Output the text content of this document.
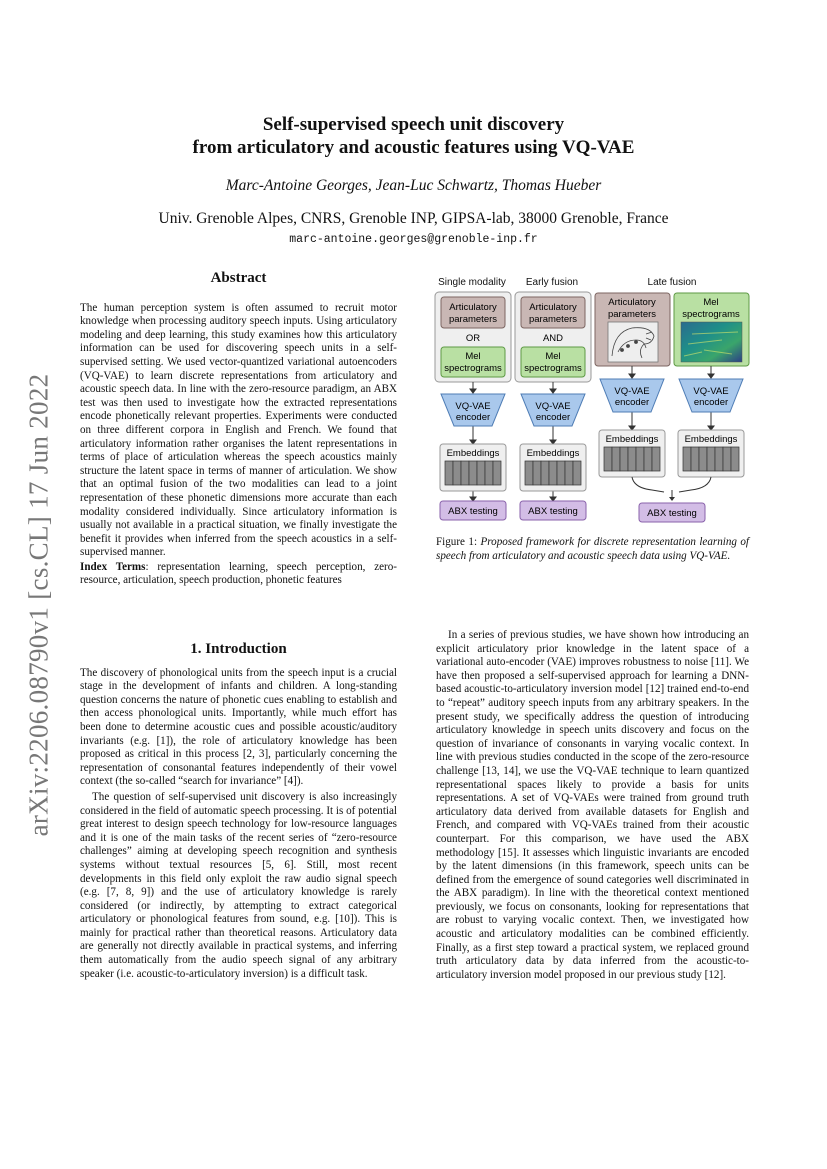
arXiv:2206.08790v1 [cs.CL] 17 Jun 2022
Self-supervised speech unit discovery
from articulatory and acoustic features using VQ-VAE
Marc-Antoine Georges, Jean-Luc Schwartz, Thomas Hueber
Univ. Grenoble Alpes, CNRS, Grenoble INP, GIPSA-lab, 38000 Grenoble, France
marc-antoine.georges@grenoble-inp.fr
Abstract

The human perception system is often assumed to recruit motor knowledge when processing auditory speech inputs. Using articulatory modeling and deep learning, this study examines how this articulatory information can be used for discovering speech units in a self-supervised setting. We used vector-quantized variational autoencoders (VQ-VAE) to learn discrete representations from articulatory and acoustic speech data. In line with the zero-resource paradigm, an ABX test was then used to investigate how the extracted representations encode phonetically relevant properties. Experiments were conducted on three different corpora in English and French. We found that articulatory information rather organises the latent representations in terms of place of articulation whereas the speech acoustics mainly structure the latent space in terms of manner of articulation. We show that an optimal fusion of the two modalities can lead to a joint representation of these phonetic dimensions more accurate than each modality considered individually. Since articulatory information is usually not available in a practical situation, we finally investigate the benefit it provides when inferred from the speech acoustics in a self-supervised manner.

Index Terms: representation learning, speech perception, zero-resource, articulation, speech production, phonetic features

1. Introduction

The discovery of phonological units from the speech input is a crucial stage in the development of infants and children. A long-standing question concerns the nature of phonetic cues enabling to establish and then access phonological units. Importantly, while much effort has been done to determine acoustic cues and possible acoustic/auditory invariants (e.g. [1]), the role of articulatory knowledge has been proposed as critical in this process [2, 3], particularly concerning the representation of consonantal features independently of their vowel context (the so-called “search for invariance” [4]).

The question of self-supervised unit discovery is also increasingly considered in the field of automatic speech processing. It is of potential great interest to design speech technology for low-resource languages and it is one of the main tasks of the recent series of “zero-resource challenges” aiming at developing speech recognition and synthesis systems without textual resources [5, 6]. Still, most recent developments in this field only exploit the raw audio signal speech (e.g. [7, 8, 9]) and the use of articulatory knowledge is rarely considered (or indirectly, by attempting to extract categorical articulatory or phonological features from sound, e.g. [10]). This is mainly for practical rather than theoretical reasons. Articulatory data are generally not directly available in practical systems, and inferring them automatically from the audio speech signal of any arbitrary speaker (i.e. acoustic-to-articulatory inversion) is a difficult task.

Single modality Early fusion	Late fusion
Articulatory
parameters
OR
Mel
spectrograms
Articulatory
parameters
AND
Mel
spectrograms
Articulatory
parameters
Mel
spectrograms
VQ-VAE
encoder
VQ-VAE
encoder
VQ-VAE
encoder
VQ-VAE
encoder
Embeddings	Embeddings
Embeddings	Embeddings
ABX testing	ABX testing	ABX testing
Figure 1: Proposed framework for discrete representation learning of speech from articulatory and acoustic speech data using VQ-VAE.

In a series of previous studies, we have shown how introducing an explicit articulatory prior knowledge in the latent space of a variational auto-encoder (VAE) improves robustness to noise [11]. We have then proposed a self-supervised approach for learning a DNN-based acoustic-to-articulatory inversion model [12] trained end-to-end to “repeat” auditory speech inputs from any arbitrary speakers. In the present study, we specifically address the question of introducing articulatory knowledge in speech units discovery and focus on the question of invariance of consonants in varying vocalic context. In line with previous studies conducted in the scope of the zero-resource challenge [13, 14], we use the VQ-VAE technique to learn quantized representational spaces likely to provide a basis for units representations. A set of VQ-VAEs were trained from ground truth articulatory data derived from available datasets for English and French, and compared with VQ-VAEs trained from their acoustic counterpart. For this comparison, we have used the ABX methodology [15]. It assesses which linguistic invariants are encoded by the latent dimensions (in this framework, speech units can be defined from the emergence of sound categories well discriminated in the ABX paradigm). In line with the theoretical context mentioned previously, we focus on consonants, looking for representations that are robust to varying vocalic context. Then, we investigated how acoustic and articulatory modalities can be combined efficiently. Finally, as a first step toward a practical system, we replaced ground truth articulatory data by data inferred from the acoustic-to-articulatory inversion model proposed in our previous study [12].
